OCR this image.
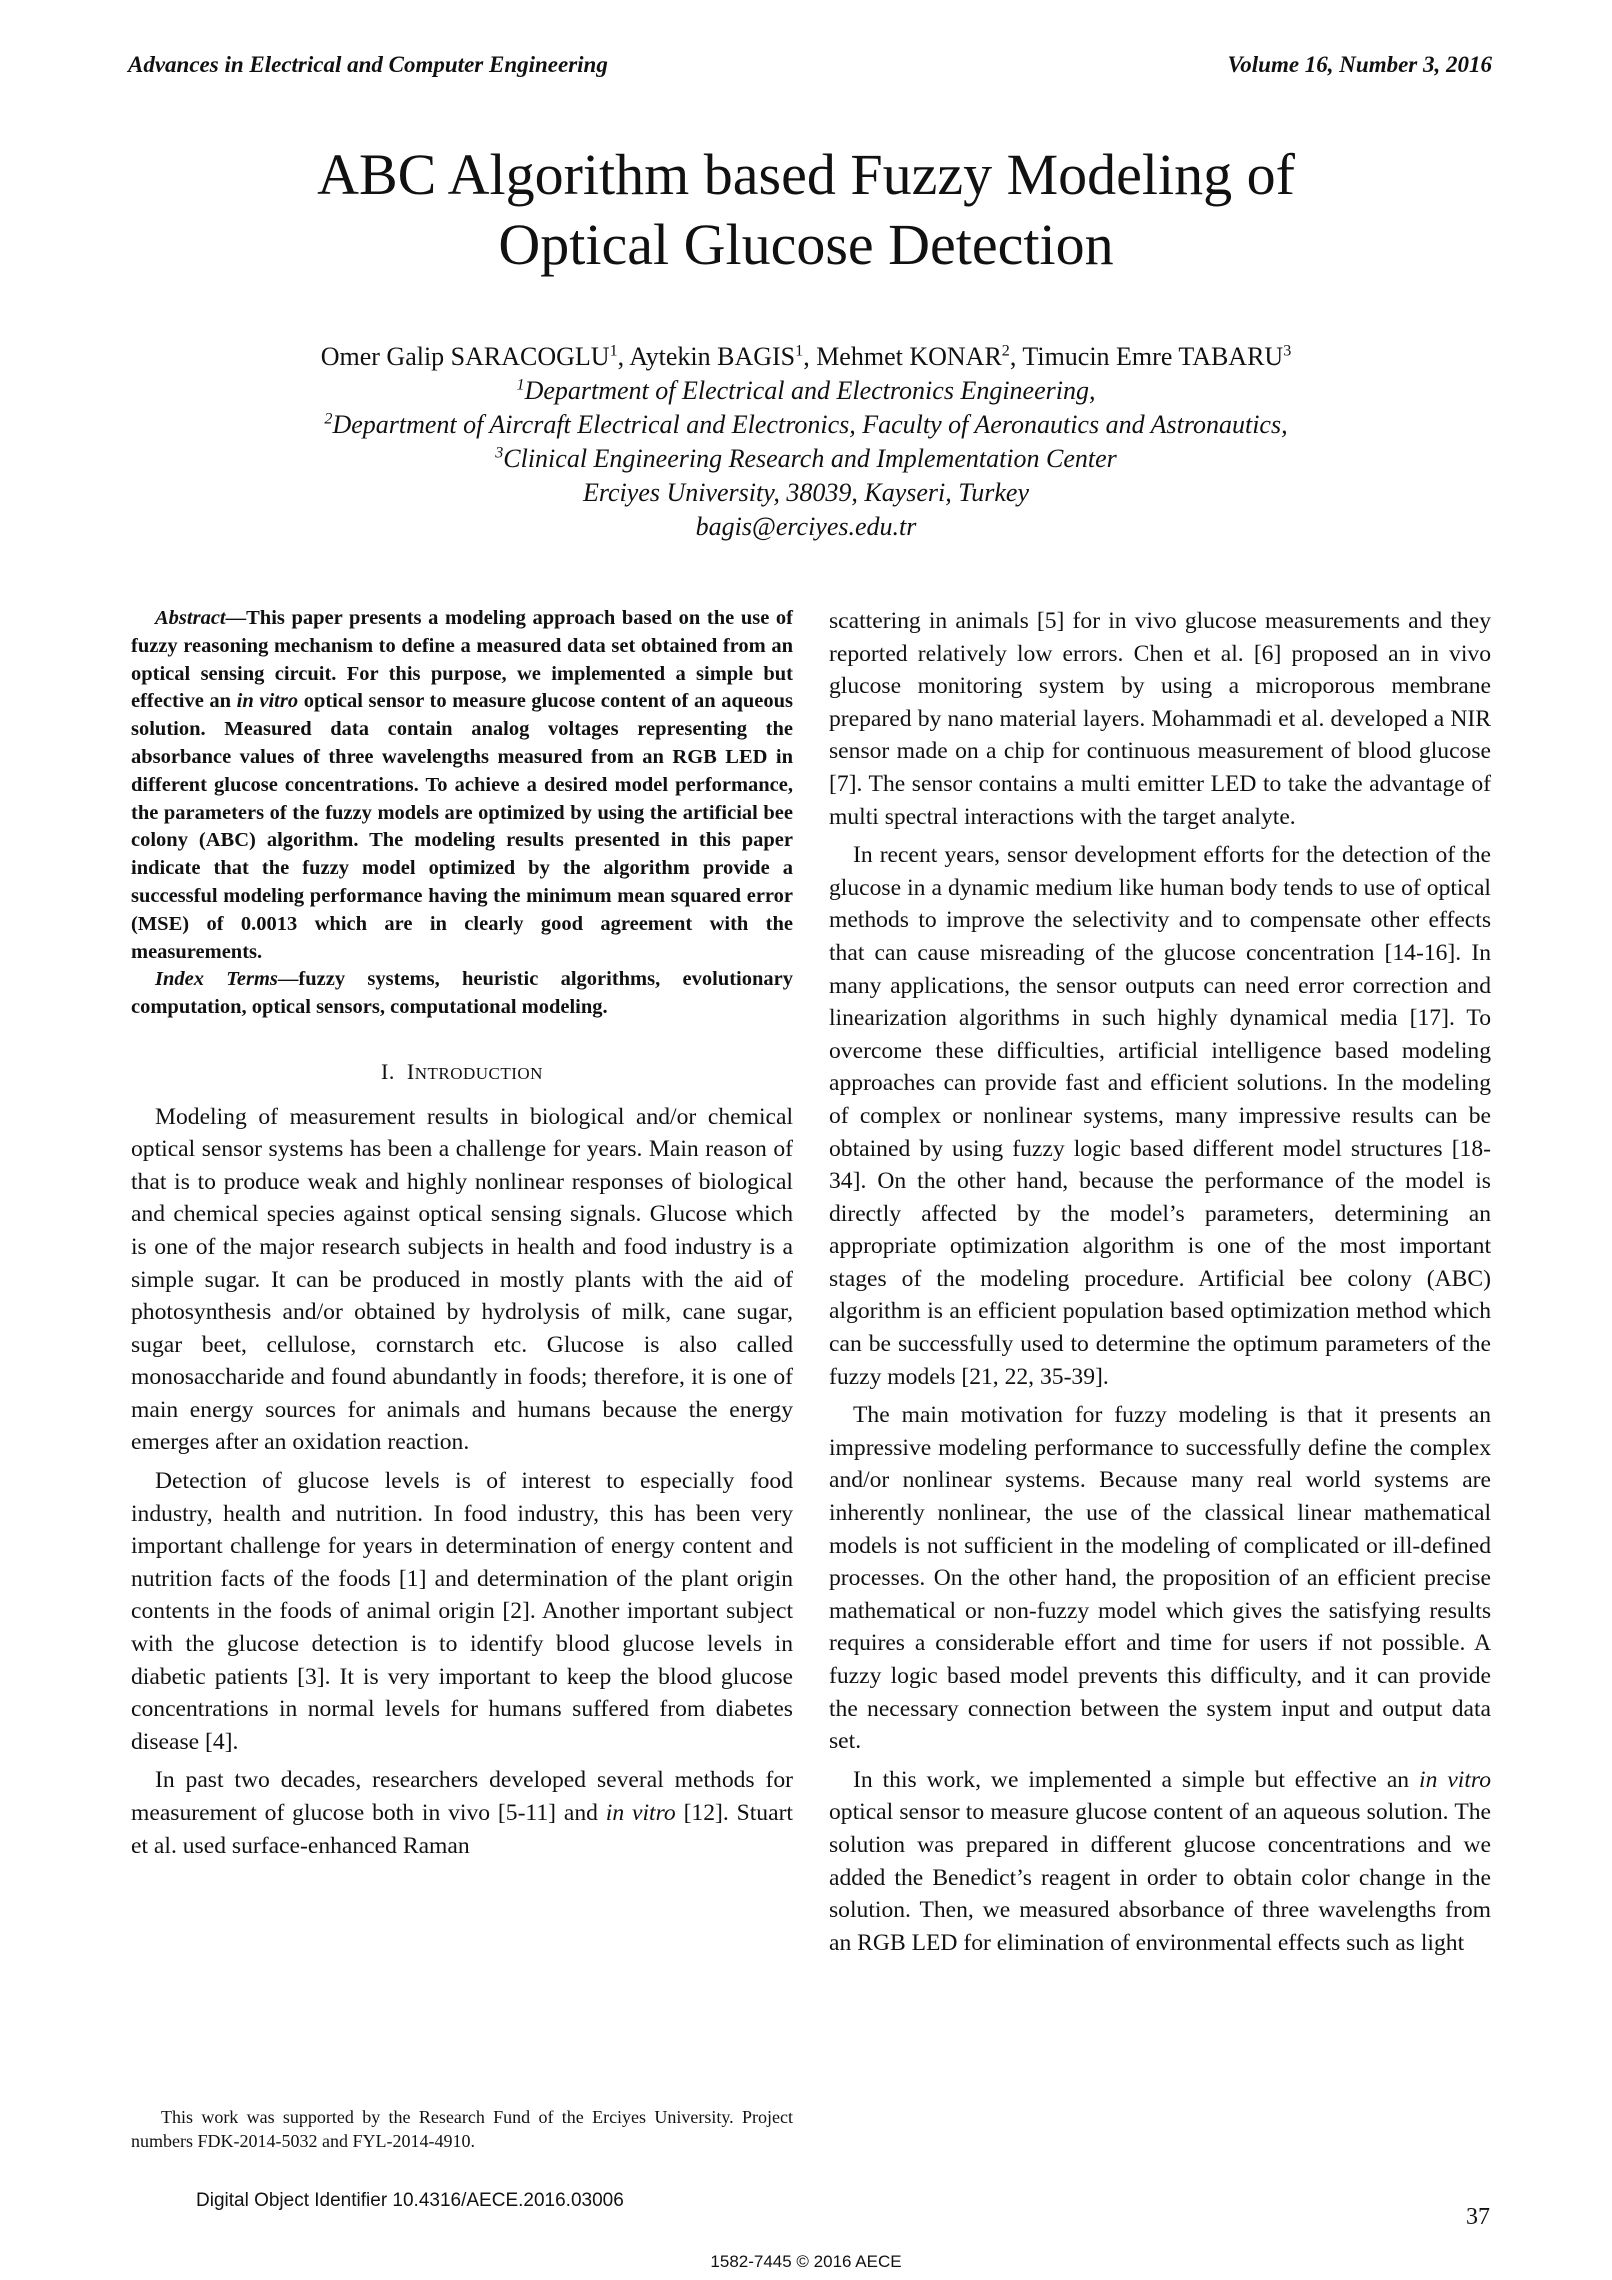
Advances in Electrical and Computer Engineering	Volume 16, Number 3, 2016
ABC Algorithm based Fuzzy Modeling of
Optical Glucose Detection
Omer Galip SARACOGLU$^1$, Aytekin BAGIS$^1$, Mehmet KONAR$^2$, Timucin Emre TABARU$^3$
$^1$Department of Electrical and Electronics Engineering,
$^2$Department of Aircraft Electrical and Electronics, Faculty of Aeronautics and Astronautics,
$^3$Clinical Engineering Research and Implementation Center
Erciyes University, 38039, Kayseri, Turkey
bagis@erciyes.edu.tr

Abstract—This paper presents a modeling approach based on the use of fuzzy reasoning mechanism to define a measured data set obtained from an optical sensing circuit. For this purpose, we implemented a simple but effective an in vitro optical sensor to measure glucose content of an aqueous solution. Measured data contain analog voltages representing the absorbance values of three wavelengths measured from an RGB LED in different glucose concentrations. To achieve a desired model performance, the parameters of the fuzzy models are optimized by using the artificial bee colony (ABC) algorithm. The modeling results presented in this paper indicate that the fuzzy model optimized by the algorithm provide a successful modeling performance having the minimum mean squared error (MSE) of 0.0013 which are in clearly good agreement with the measurements.

Index Terms—fuzzy systems, heuristic algorithms, evolutionary computation, optical sensors, computational modeling.

I. INTRODUCTION

Modeling of measurement results in biological and/or chemical optical sensor systems has been a challenge for years. Main reason of that is to produce weak and highly nonlinear responses of biological and chemical species against optical sensing signals. Glucose which is one of the major research subjects in health and food industry is a simple sugar. It can be produced in mostly plants with the aid of photosynthesis and/or obtained by hydrolysis of milk, cane sugar, sugar beet, cellulose, cornstarch etc. Glucose is also called monosaccharide and found abundantly in foods; therefore, it is one of main energy sources for animals and humans because the energy emerges after an oxidation reaction.

Detection of glucose levels is of interest to especially food industry, health and nutrition. In food industry, this has been very important challenge for years in determination of energy content and nutrition facts of the foods [1] and determination of the plant origin contents in the foods of animal origin [2]. Another important subject with the glucose detection is to identify blood glucose levels in diabetic patients [3]. It is very important to keep the blood glucose concentrations in normal levels for humans suffered from diabetes disease [4].

In past two decades, researchers developed several methods for measurement of glucose both in vivo [5-11] and in vitro [12]. Stuart et al. used surface-enhanced Raman

scattering in animals [5] for in vivo glucose measurements and they reported relatively low errors. Chen et al. [6] proposed an in vivo glucose monitoring system by using a microporous membrane prepared by nano material layers. Mohammadi et al. developed a NIR sensor made on a chip for continuous measurement of blood glucose [7]. The sensor contains a multi emitter LED to take the advantage of multi spectral interactions with the target analyte.

In recent years, sensor development efforts for the detection of the glucose in a dynamic medium like human body tends to use of optical methods to improve the selectivity and to compensate other effects that can cause misreading of the glucose concentration [14-16]. In many applications, the sensor outputs can need error correction and linearization algorithms in such highly dynamical media [17]. To overcome these difficulties, artificial intelligence based modeling approaches can provide fast and efficient solutions. In the modeling of complex or nonlinear systems, many impressive results can be obtained by using fuzzy logic based different model structures [18-34]. On the other hand, because the performance of the model is directly affected by the model’s parameters, determining an appropriate optimization algorithm is one of the most important stages of the modeling procedure. Artificial bee colony (ABC) algorithm is an efficient population based optimization method which can be successfully used to determine the optimum parameters of the fuzzy models [21, 22, 35-39].

The main motivation for fuzzy modeling is that it presents an impressive modeling performance to successfully define the complex and/or nonlinear systems. Because many real world systems are inherently nonlinear, the use of the classical linear mathematical models is not sufficient in the modeling of complicated or ill-defined processes. On the other hand, the proposition of an efficient precise mathematical or non-fuzzy model which gives the satisfying results requires a considerable effort and time for users if not possible. A fuzzy logic based model prevents this difficulty, and it can provide the necessary connection between the system input and output data set.

In this work, we implemented a simple but effective an in vitro optical sensor to measure glucose content of an aqueous solution. The solution was prepared in different glucose concentrations and we added the Benedict’s reagent in order to obtain color change in the solution. Then, we measured absorbance of three wavelengths from an RGB LED for elimination of environmental effects such as light

This work was supported by the Research Fund of the Erciyes University. Project numbers FDK-2014-5032 and FYL-2014-4910.
Digital Object Identifier 10.4316/AECE.2016.03006
37
1582-7445 © 2016 AECE
